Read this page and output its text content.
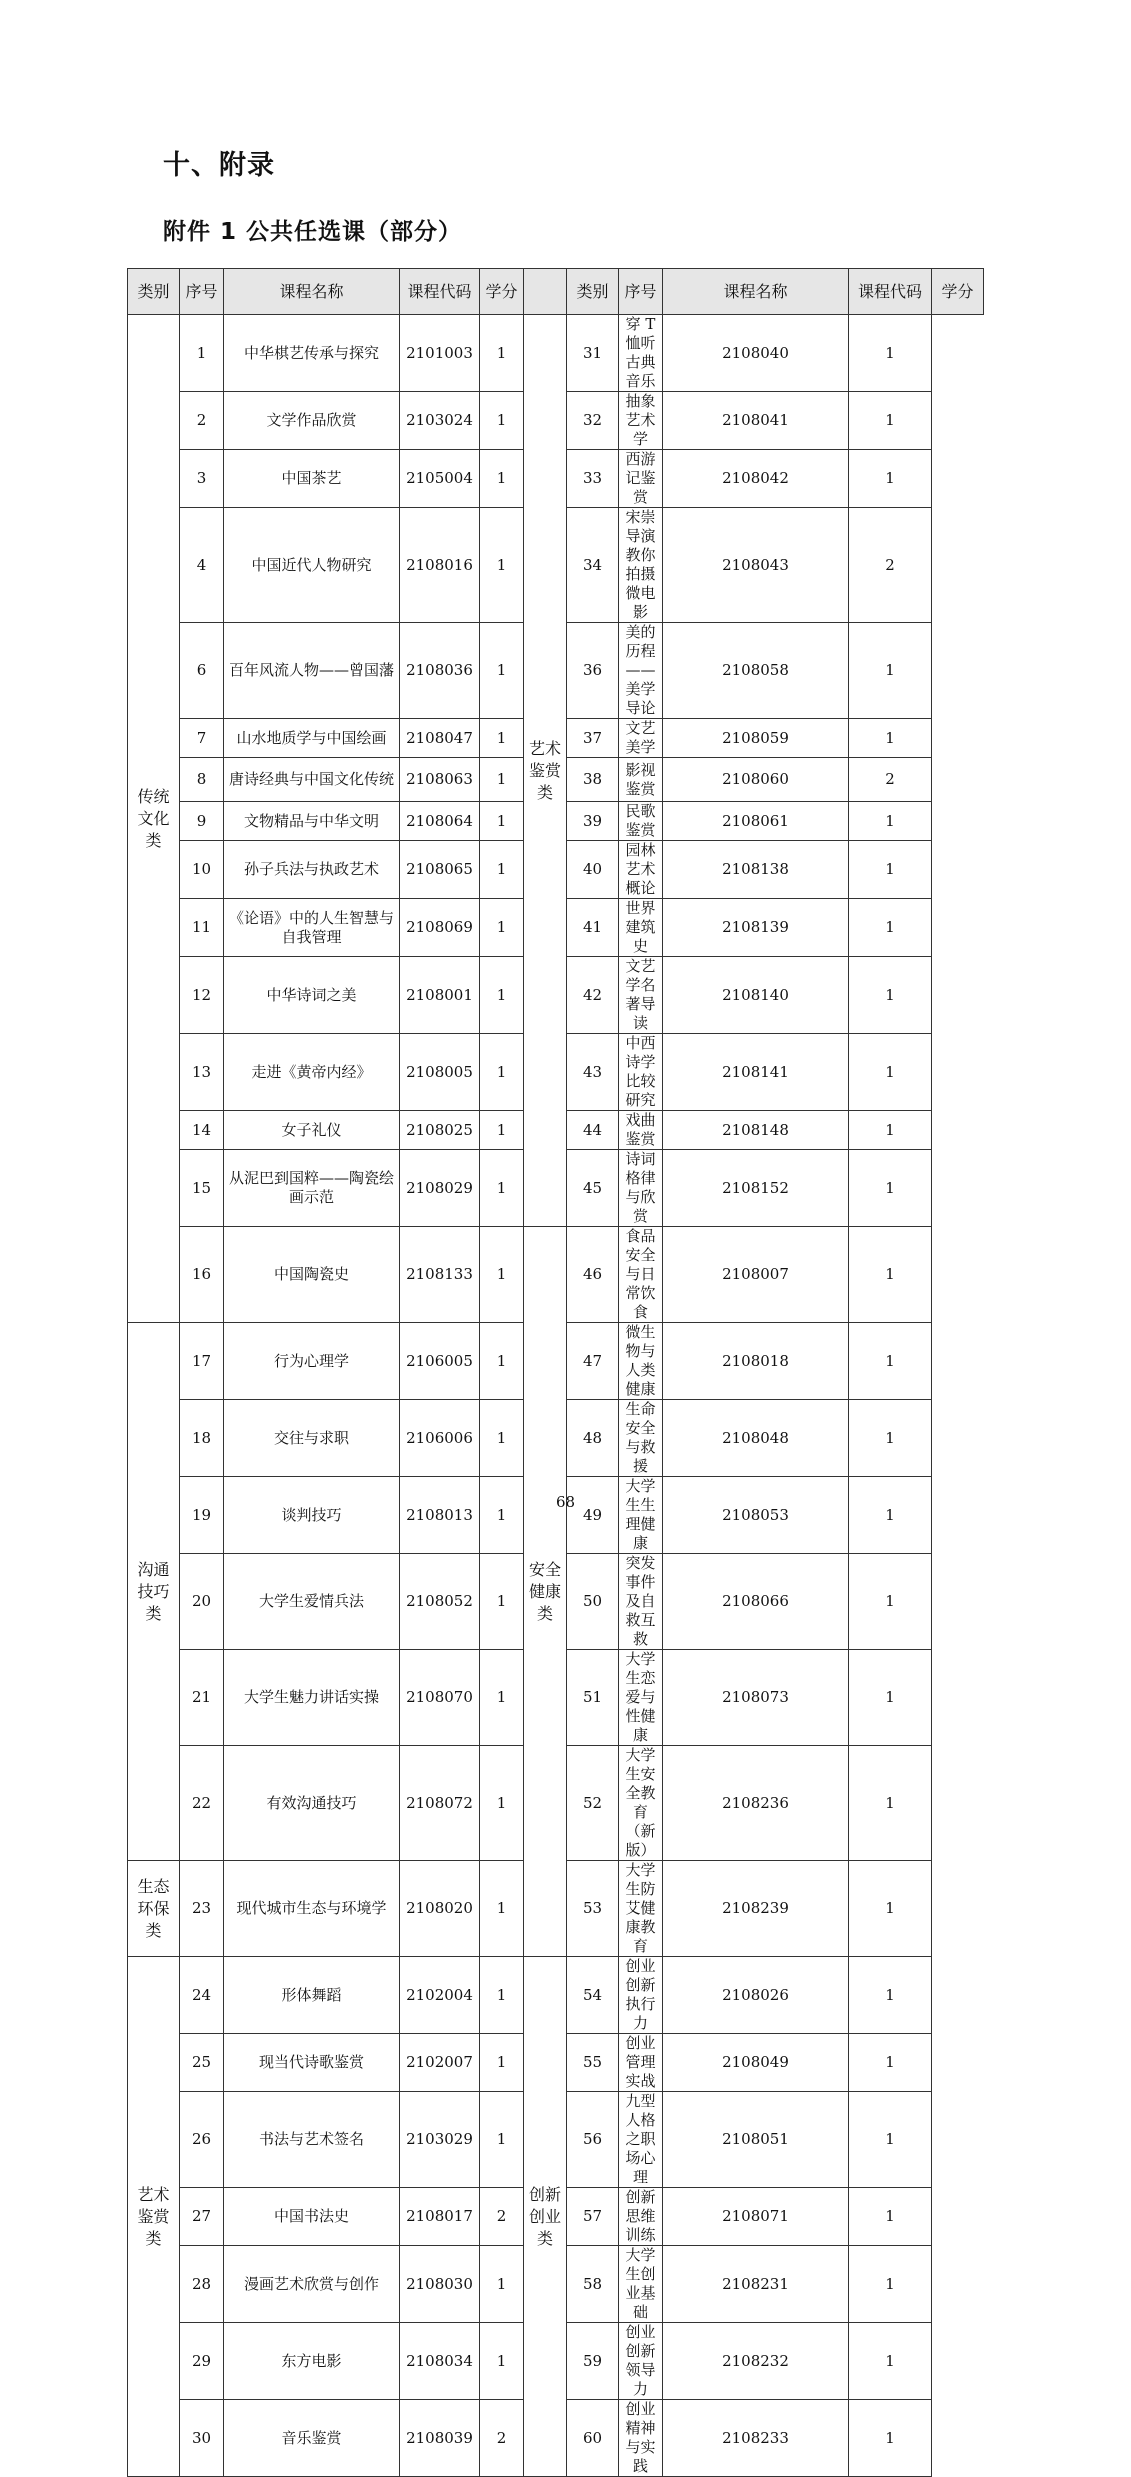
十、附录
附件 1 公共任选课（部分）
类别	序号	课程名称	课程代码	学分		类别	序号	课程名称	课程代码	学分
传统文化类	1	中华棋艺传承与探究	2101003	1	艺术鉴赏类	31	穿 T 恤听古典音乐	2108040	1	
	2	文学作品欣赏	2103024	1		32	抽象艺术学	2108041	1	
	3	中国茶艺	2105004	1		33	西游记鉴赏	2108042	1	
	4	中国近代人物研究	2108016	1		34	宋崇导演教你拍摄微电影	2108043	2	
	6	百年风流人物——曾国藩	2108036	1		36	美的历程——美学导论	2108058	1	
	7	山水地质学与中国绘画	2108047	1		37	文艺美学	2108059	1	
	8	唐诗经典与中国文化传统	2108063	1		38	影视鉴赏	2108060	2	
	9	文物精品与中华文明	2108064	1		39	民歌鉴赏	2108061	1	
	10	孙子兵法与执政艺术	2108065	1		40	园林艺术概论	2108138	1	
	11	《论语》中的人生智慧与自我管理	2108069	1		41	世界建筑史	2108139	1	
	12	中华诗词之美	2108001	1		42	文艺学名著导读	2108140	1	
	13	走进《黄帝内经》	2108005	1		43	中西诗学比较研究	2108141	1	
	14	女子礼仪	2108025	1		44	戏曲鉴赏	2108148	1	
	15	从泥巴到国粹——陶瓷绘画示范	2108029	1		45	诗词格律与欣赏	2108152	1	
	16	中国陶瓷史	2108133	1	安全健康类	46	食品安全与日常饮食	2108007	1	
沟通技巧类	17	行为心理学	2106005	1		47	微生物与人类健康	2108018	1	
	18	交往与求职	2106006	1		48	生命安全与救援	2108048	1	
	19	谈判技巧	2108013	1		49	大学生生理健康	2108053	1	
	20	大学生爱情兵法	2108052	1		50	突发事件及自救互救	2108066	1	
	21	大学生魅力讲话实操	2108070	1		51	大学生恋爱与性健康	2108073	1	
	22	有效沟通技巧	2108072	1		52	大学生安全教育（新版）	2108236	1	
生态环保类	23	现代城市生态与环境学	2108020	1		53	大学生防艾健康教育	2108239	1	
艺术鉴赏类	24	形体舞蹈	2102004	1	创新创业类	54	创业创新执行力	2108026	1	
	25	现当代诗歌鉴赏	2102007	1		55	创业管理实战	2108049	1	
	26	书法与艺术签名	2103029	1		56	九型人格之职场心理	2108051	1	
	27	中国书法史	2108017	2		57	创新思维训练	2108071	1	
	28	漫画艺术欣赏与创作	2108030	1		58	大学生创业基础	2108231	1	
	29	东方电影	2108034	1		59	创业创新领导力	2108232	1	
	30	音乐鉴赏	2108039	2		60	创业精神与实践	2108233	1	
68
